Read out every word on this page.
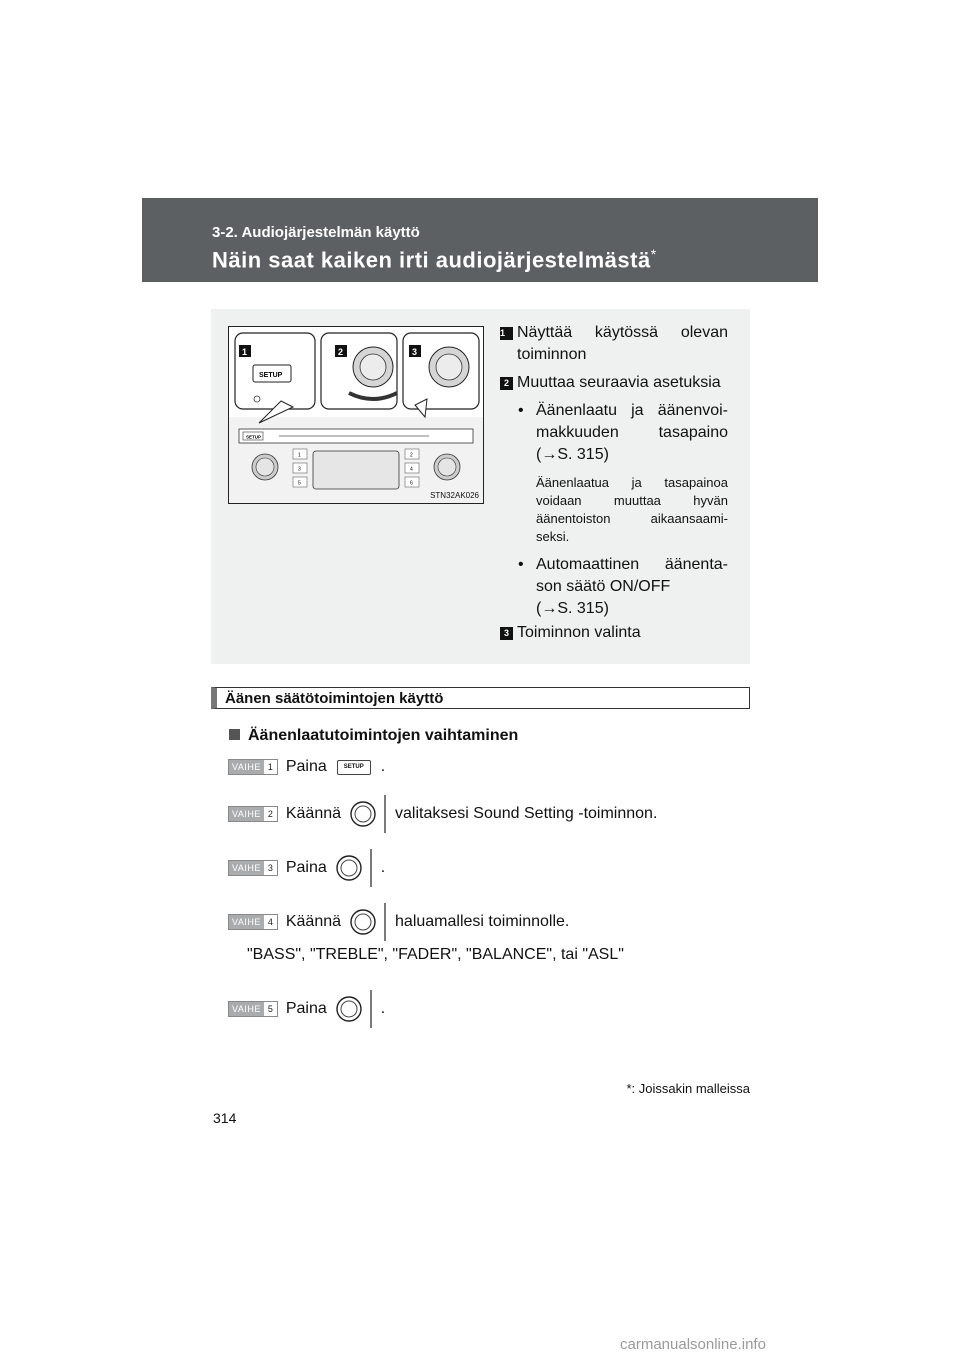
3-2. Audiojärjestelmän käyttö
Näin saat kaiken irti audiojärjestelmästä*
SETUP
1
3
5
2
4
6
SETUP
1	2	3
STN32AK026

1 Näyttää käytössä olevan

toiminnon

2 Muuttaa seuraavia asetuksia

• Äänenlaatu ja äänenvoi-

makkuuden tasapaino

(→S. 315)

Äänenlaatua ja tasapainoa

voidaan muuttaa hyvän

äänentoiston aikaansaami-

seksi.

• Automaattinen äänenta-

son säätö ON/OFF

(→S. 315)

3 Toiminnon valinta

Äänen säätötoimintojen käyttö
Äänenlaatutoimintojen vaihtaminen
VAIHE 1 Paina	SETUP	.
VAIHE 2 Käännä	valitaksesi Sound Setting -toiminnon.
VAIHE 3 Paina	.
VAIHE 4 Käännä	haluamallesi toiminnolle.
"BASS", "TREBLE", "FADER", "BALANCE", tai "ASL"
VAIHE 5 Paina	.
*: Joissakin malleissa
314
carmanualsonline.info
